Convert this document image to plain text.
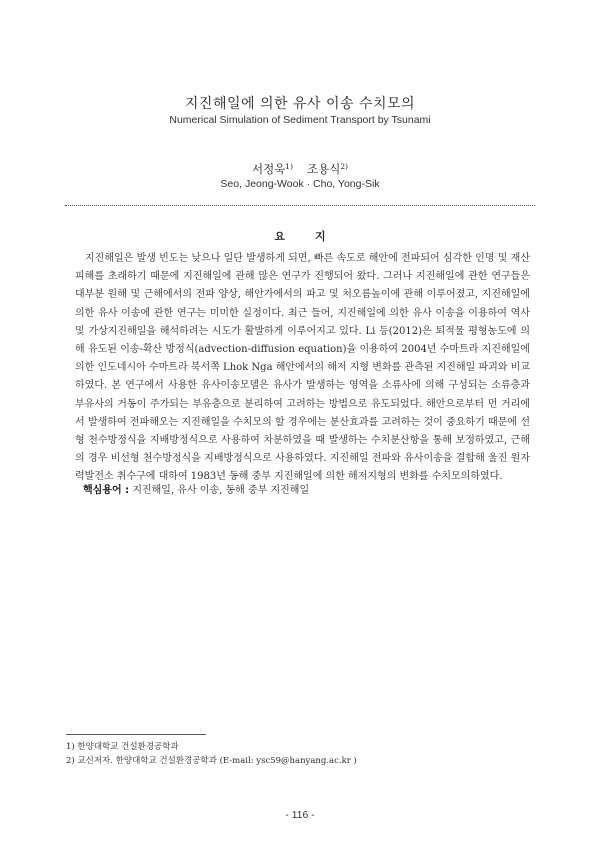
지진해일에 의한 유사 이송 수치모의
Numerical Simulation of Sediment Transport by Tsunami
서정욱$^{1)}$ 조용식$^{2)}$
Seo, Jeong-Wook · Cho, Yong-Sik
요지

지진해일은 발생 빈도는 낮으나 일단 발생하게 되면, 빠른 속도로 해안에 전파되어 심각한 인명 및 재산 피해를 초래하기 때문에 지진해일에 관해 많은 연구가 진행되어 왔다. 그러나 지진해일에 관한 연구들은 대부분 원해 및 근해에서의 전파 양상, 해안가에서의 파고 및 처오름높이에 관해 이루어졌고, 지진해일에 의한 유사 이송에 관한 연구는 미미한 실정이다. 최근 들어, 지진해일에 의한 유사 이송을 이용하여 역사 및 가상지진해일을 해석하려는 시도가 활발하게 이루어지고 있다. Li 등(2012)은 퇴적물 평형농도에 의해 유도된 이송-확산 방정식(advection-diffusion equation)을 이용하여 2004년 수마트라 지진해일에 의한 인도네시아 수마트라 북서쪽 Lhok Nga 해안에서의 해저 지형 변화를 관측된 지진해일 파괴와 비교하였다. 본 연구에서 사용한 유사이송모델은 유사가 발생하는 영역을 소류사에 의해 구성되는 소류층과 부유사의 거동이 주가되는 부유층으로 분리하여 고려하는 방법으로 유도되었다. 해안으로부터 먼 거리에서 발생하여 전파해오는 지진해일을 수치모의 할 경우에는 분산효과를 고려하는 것이 중요하기 때문에 선형 천수방정식을 지배방정식으로 사용하여 차분하였을 때 발생하는 수치분산항을 통해 보정하였고, 근해의 경우 비선형 천수방정식을 지배방정식으로 사용하였다. 지진해일 전파와 유사이송을 결합해 울진 원자력발전소 취수구에 대하여 1983년 동해 중부 지진해일에 의한 해저지형의 변화를 수치모의하였다.

핵심용어 : 지진해일, 유사 이송, 동해 중부 지진해일
1) 한양대학교 건설환경공학과
2) 교신저자. 한양대학교 건설환경공학과 (E-mail: ysc59@hanyang.ac.kr )
- 116 -
